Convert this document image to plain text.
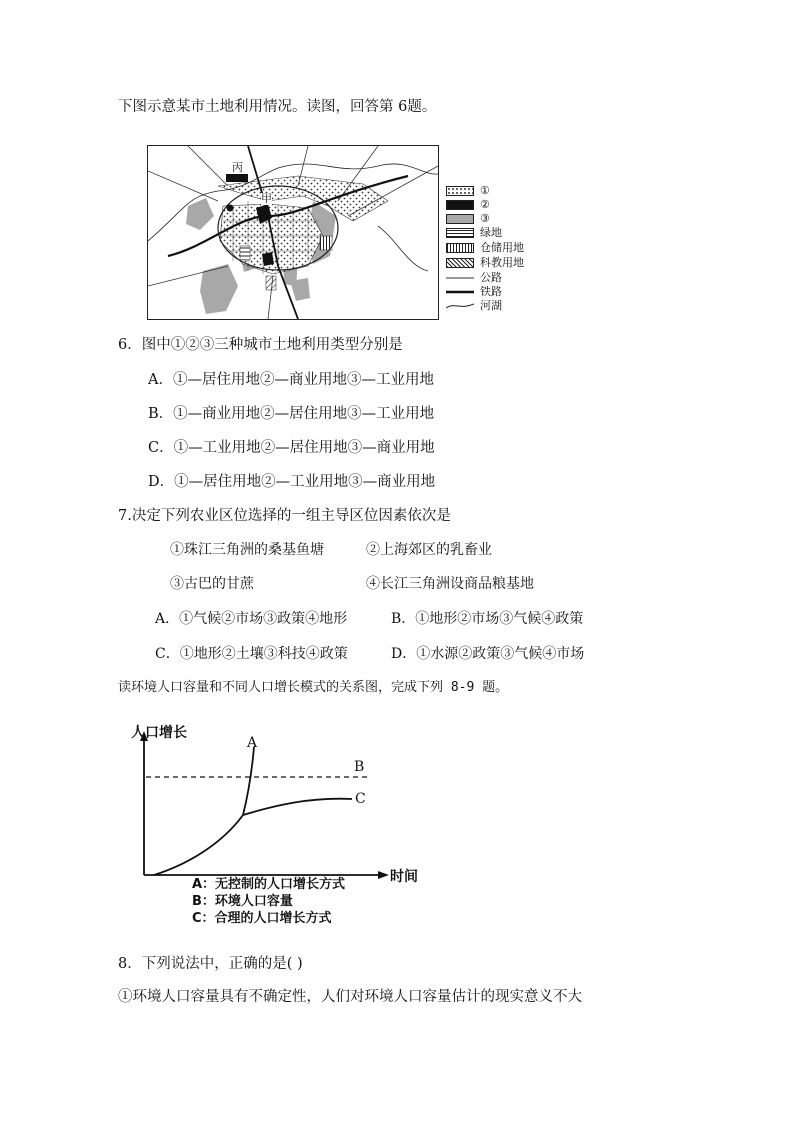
下图示意某市土地利用情况。读图，回答第 6题。
丙
甲
①
②
③
绿地
仓储用地
科教用地
公路
铁路
河湖
6．图中①②③三种城市土地利用类型分别是
A．①—居住用地②—商业用地③—工业用地
B．①—商业用地②—居住用地③—工业用地
C．①—工业用地②—居住用地③—商业用地
D．①—居住用地②—工业用地③—商业用地
7.决定下列农业区位选择的一组主导区位因素依次是
①珠江三角洲的桑基鱼塘	②上海郊区的乳畜业
③古巴的甘蔗	④长江三角洲设商品粮基地
A．①气候②市场③政策④地形	B．①地形②市场③气候④政策
C．①地形②土壤③科技④政策	D．①水源②政策③气候④市场
读环境人口容量和不同人口增长模式的关系图，完成下列 8-9 题。
人口增长
时间
A
B
C
A：无控制的人口增长方式
B：环境人口容量
C：合理的人口增长方式
8．下列说法中，正确的是( )
①环境人口容量具有不确定性，人们对环境人口容量估计的现实意义不大
